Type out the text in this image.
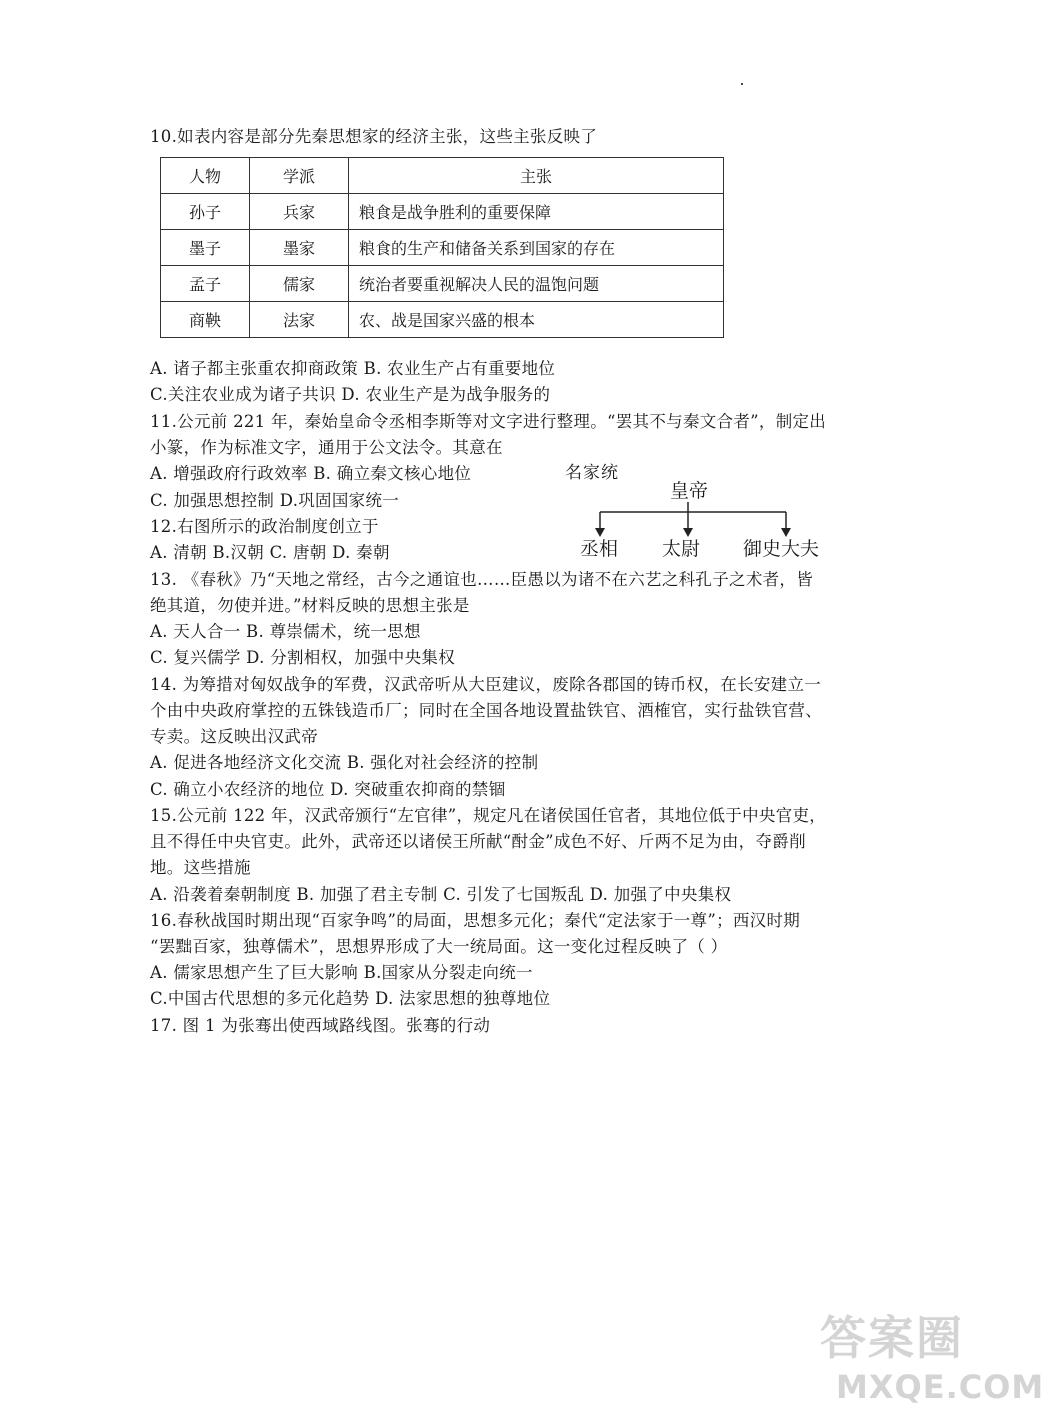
10.如表内容是部分先秦思想家的经济主张，这些主张反映了
人物	学派	主张
孙子	兵家	粮食是战争胜利的重要保障
墨子	墨家	粮食的生产和储备关系到国家的存在
孟子	儒家	统治者要重视解决人民的温饱问题
商鞅	法家	农、战是国家兴盛的根本
A. 诸子都主张重农抑商政策 B. 农业生产占有重要地位
C.关注农业成为诸子共识 D. 农业生产是为战争服务的
11.公元前 221 年，秦始皇命令丞相李斯等对文字进行整理。“罢其不与秦文合者”，制定出
小篆，作为标准文字，通用于公文法令。其意在
A. 增强政府行政效率 B. 确立秦文核心地位
C. 加强思想控制 D.巩固国家统一
12.右图所示的政治制度创立于
A. 清朝 B.汉朝 C. 唐朝 D. 秦朝
名家统
皇帝
丞相 太尉 御史大夫
13. 《春秋》乃“天地之常经，古今之通谊也……臣愚以为诸不在六艺之科孔子之术者，皆
绝其道，勿使并进。”材料反映的思想主张是
A. 天人合一 B. 尊崇儒术，统一思想
C. 复兴儒学 D. 分割相权，加强中央集权
14. 为筹措对匈奴战争的军费，汉武帝听从大臣建议，废除各郡国的铸币权，在长安建立一
个由中央政府掌控的五铢钱造币厂；同时在全国各地设置盐铁官、酒榷官，实行盐铁官营、
专卖。这反映出汉武帝
A. 促进各地经济文化交流 B. 强化对社会经济的控制
C. 确立小农经济的地位 D. 突破重农抑商的禁锢
15.公元前 122 年，汉武帝颁行“左官律”，规定凡在诸侯国任官者，其地位低于中央官吏，
且不得任中央官吏。此外，武帝还以诸侯王所献“酎金”成色不好、斤两不足为由，夺爵削
地。这些措施
A. 沿袭着秦朝制度 B. 加强了君主专制 C. 引发了七国叛乱 D. 加强了中央集权
16.春秋战国时期出现“百家争鸣”的局面，思想多元化；秦代“定法家于一尊”；西汉时期
“罢黜百家，独尊儒术”，思想界形成了大一统局面。这一变化过程反映了（ ）
A. 儒家思想产生了巨大影响 B.国家从分裂走向统一
C.中国古代思想的多元化趋势 D. 法家思想的独尊地位
17. 图 1 为张骞出使西域路线图。张骞的行动
答案圈
MXQE.COM
